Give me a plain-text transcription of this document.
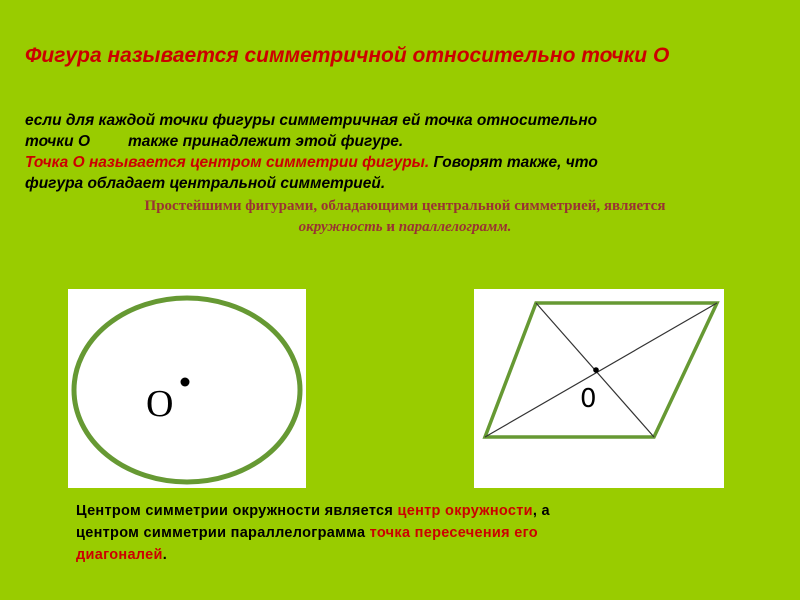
Фигура называется симметричной относительно точки О
если для каждой точки фигуры симметричная ей точка относительно
точки О также принадлежит этой фигуре.
Точка О называется центром симметрии фигуры. Говорят также, что
фигура обладает центральной симметрией.
Простейшими фигурами, обладающими центральной симметрией, является
окружность и параллелограмм.
O	0
Центром симметрии окружности является центр окружности, а
центром симметрии параллелограмма точка пересечения его
диагоналей.
